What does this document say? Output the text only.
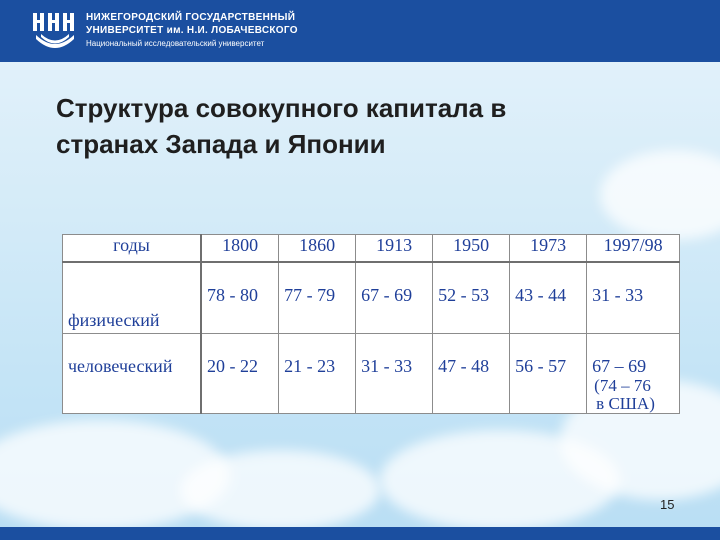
НИЖЕГОРОДСКИЙ ГОСУДАРСТВЕННЫЙ
УНИВЕРСИТЕТ им. Н.И. ЛОБАЧЕВСКОГО
Национальный исследовательский университет
Структура совокупного капитала в
странах Запада и Японии
годы	1800	1860	1913	1950	1973	1997/98
физический	78 - 80	77 - 79	67 - 69	52 - 53	43 - 44	31 - 33
человеческий	20 - 22	21 - 23	31 - 33	47 - 48	56 - 57	67 – 69
(74 – 76
в США)
15
